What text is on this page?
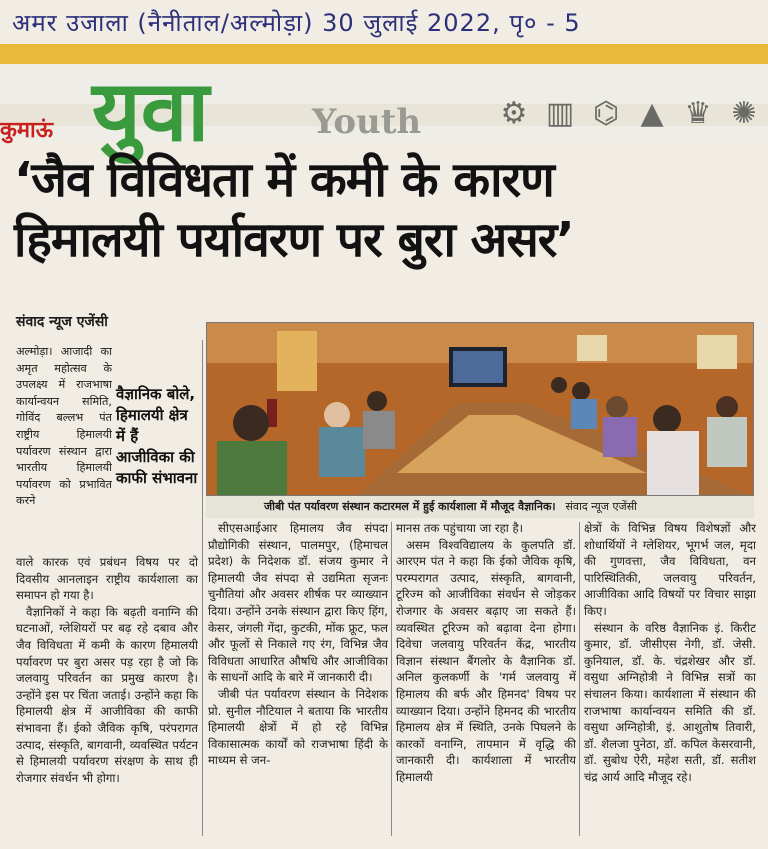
अमर उजाला (नैनीताल/अल्मोड़ा) 30 जुलाई 2022, पृ० - 5
कुमाऊं युवा	Youth	⚙ ▥ ⌬ ▲ ♛ ✺
‘जैव विविधता में कमी के कारण
हिमालयी पर्यावरण पर बुरा असर’
संवाद न्यूज एजेंसी
जीबी पंत पर्यावरण संस्थान कटारमल में हुई कार्यशाला में मौजूद वैज्ञानिक। संवाद न्यूज एजेंसी

अल्मोड़ा। आजादी का अमृत महोत्सव के उपलक्ष्य में राजभाषा कार्यान्वयन समिति, गोविंद बल्लभ पंत राष्ट्रीय हिमालयी पर्यावरण संस्थान द्वारा भारतीय हिमालयी पर्यावरण को प्रभावित करने

वैज्ञानिक बोले, हिमालयी क्षेत्र में हैं आजीविका की काफी संभावना

वाले कारक एवं प्रबंधन विषय पर दो दिवसीय आनलाइन राष्ट्रीय कार्यशाला का समापन हो गया है।

वैज्ञानिकों ने कहा कि बढ़ती वनाग्नि की घटनाओं, ग्लेशियरों पर बढ़ रहे दबाव और जैव विविधता में कमी के कारण हिमालयी पर्यावरण पर बुरा असर पड़ रहा है जो कि जलवायु परिवर्तन का प्रमुख कारण है। उन्होंने इस पर चिंता जताई। उन्होंने कहा कि हिमालयी क्षेत्र में आजीविका की काफी संभावना हैं। ईको जैविक कृषि, परंपरागत उत्पाद, संस्कृति, बागवानी, व्यवस्थित पर्यटन से हिमालयी पर्यावरण संरक्षण के साथ ही रोजगार संवर्धन भी होगा।

सीएसआईआर हिमालय जैव संपदा प्रौद्योगिकी संस्थान, पालमपुर, (हिमाचल प्रदेश) के निदेशक डॉ. संजय कुमार ने हिमालयी जैव संपदा से उद्यमिता सृजनः चुनौतियां और अवसर शीर्षक पर व्याख्यान दिया। उन्होंने उनके संस्थान द्वारा किए हिंग, केसर, जंगली गेंदा, कुटकी, मोंक फ्रूट, फल और फूलों से निकाले गए रंग, विभिन्न जैव विविधता आधारित औषधि और आजीविका के साधनों आदि के बारे में जानकारी दी।

जीबी पंत पर्यावरण संस्थान के निदेशक प्रो. सुनील नौटियाल ने बताया कि भारतीय हिमालयी क्षेत्रों में हो रहे विभिन्न विकासात्मक कार्यों को राजभाषा हिंदी के माध्यम से जन-

मानस तक पहुंचाया जा रहा है।

असम विश्वविद्यालय के कुलपति डॉ. आरएम पंत ने कहा कि ईको जैविक कृषि, परम्परागत उत्पाद, संस्कृति, बागवानी, टूरिज्म को आजीविका संवर्धन से जोड़कर रोजगार के अवसर बढ़ाए जा सकते हैं। व्यवस्थित टूरिज्म को बढ़ावा देना होगा। दिवेचा जलवायु परिवर्तन केंद्र, भारतीय विज्ञान संस्थान बैंगलोर के वैज्ञानिक डॉ. अनिल कुलकर्णी के 'गर्म जलवायु में हिमालय की बर्फ और हिमनद' विषय पर व्याख्यान दिया। उन्होंने हिमनद की भारतीय हिमालय क्षेत्र में स्थिति, उनके पिघलने के कारकों वनाग्नि, तापमान में वृद्धि की जानकारी दी। कार्यशाला में भारतीय हिमालयी

क्षेत्रों के विभिन्न विषय विशेषज्ञों और शोधार्थियों ने ग्लेशियर, भूगर्भ जल, मृदा की गुणवत्ता, जैव विविधता, वन पारिस्थितिकी, जलवायु परिवर्तन, आजीविका आदि विषयों पर विचार साझा किए।

संस्थान के वरिष्ठ वैज्ञानिक इं. किरीट कुमार, डॉ. जीसीएस नेगी, डॉ. जेसी. कुनियाल, डॉ. के. चंद्रशेखर और डॉ. वसुधा अग्निहोत्री ने विभिन्न सत्रों का संचालन किया। कार्यशाला में संस्थान की राजभाषा कार्यान्वयन समिति की डॉ. वसुधा अग्निहोत्री, इं. आशुतोष तिवारी, डॉ. शैलजा पुनेठा, डॉ. कपिल केसरवानी, डॉ. सुबोध ऐरी, महेश सती, डॉ. सतीश चंद्र आर्य आदि मौजूद रहे।
